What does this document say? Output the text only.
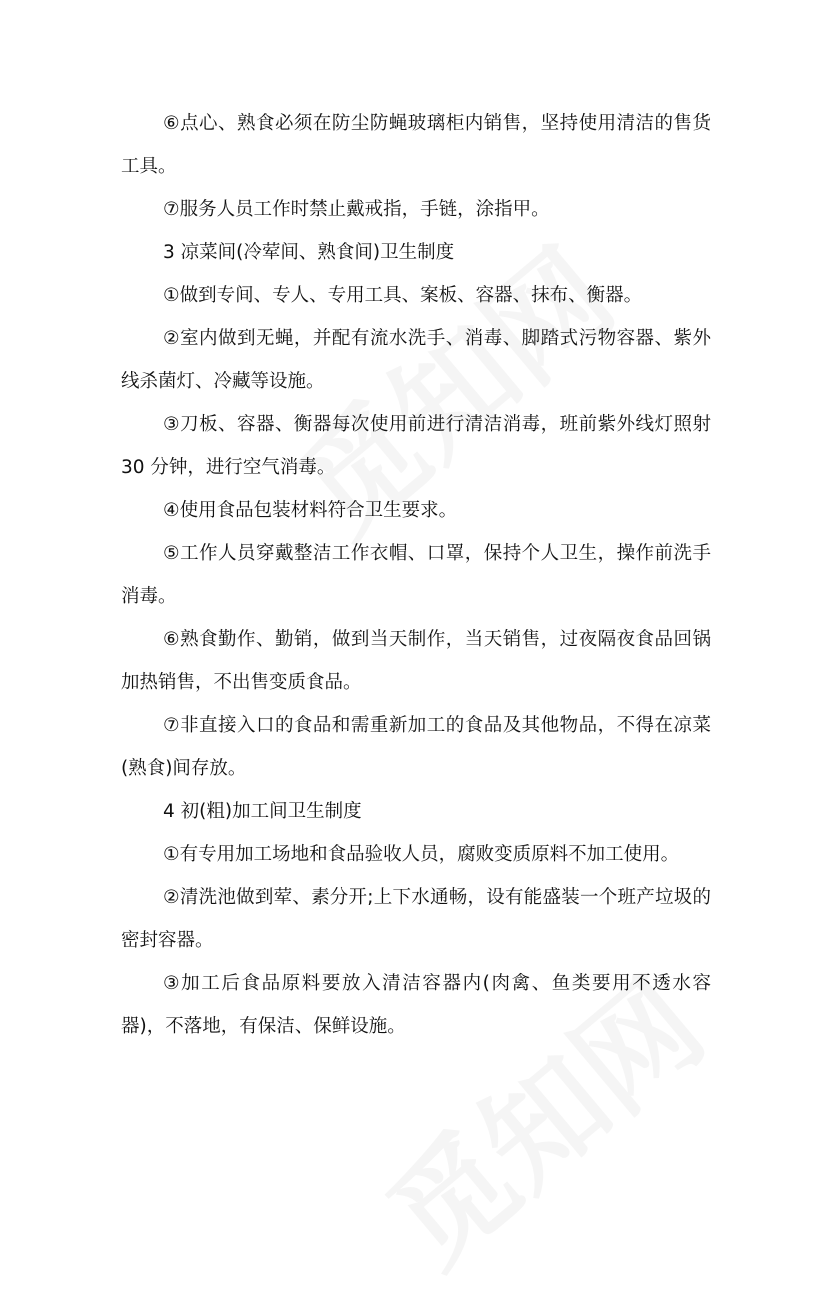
⑥点心、熟食必须在防尘防蝇玻璃柜内销售，坚持使用清洁的售货工具。

⑦服务人员工作时禁止戴戒指，手链，涂指甲。

3 凉菜间(冷荤间、熟食间)卫生制度

①做到专间、专人、专用工具、案板、容器、抹布、衡器。

②室内做到无蝇，并配有流水洗手、消毒、脚踏式污物容器、紫外线杀菌灯、冷藏等设施。

③刀板、容器、衡器每次使用前进行清洁消毒，班前紫外线灯照射 30 分钟，进行空气消毒。

④使用食品包装材料符合卫生要求。

⑤工作人员穿戴整洁工作衣帽、口罩，保持个人卫生，操作前洗手消毒。

⑥熟食勤作、勤销，做到当天制作，当天销售，过夜隔夜食品回锅加热销售，不出售变质食品。

⑦非直接入口的食品和需重新加工的食品及其他物品，不得在凉菜(熟食)间存放。

4 初(粗)加工间卫生制度

①有专用加工场地和食品验收人员，腐败变质原料不加工使用。

②清洗池做到荤、素分开;上下水通畅，设有能盛装一个班产垃圾的密封容器。

③加工后食品原料要放入清洁容器内(肉禽、鱼类要用不透水容器)，不落地，有保洁、保鲜设施。
